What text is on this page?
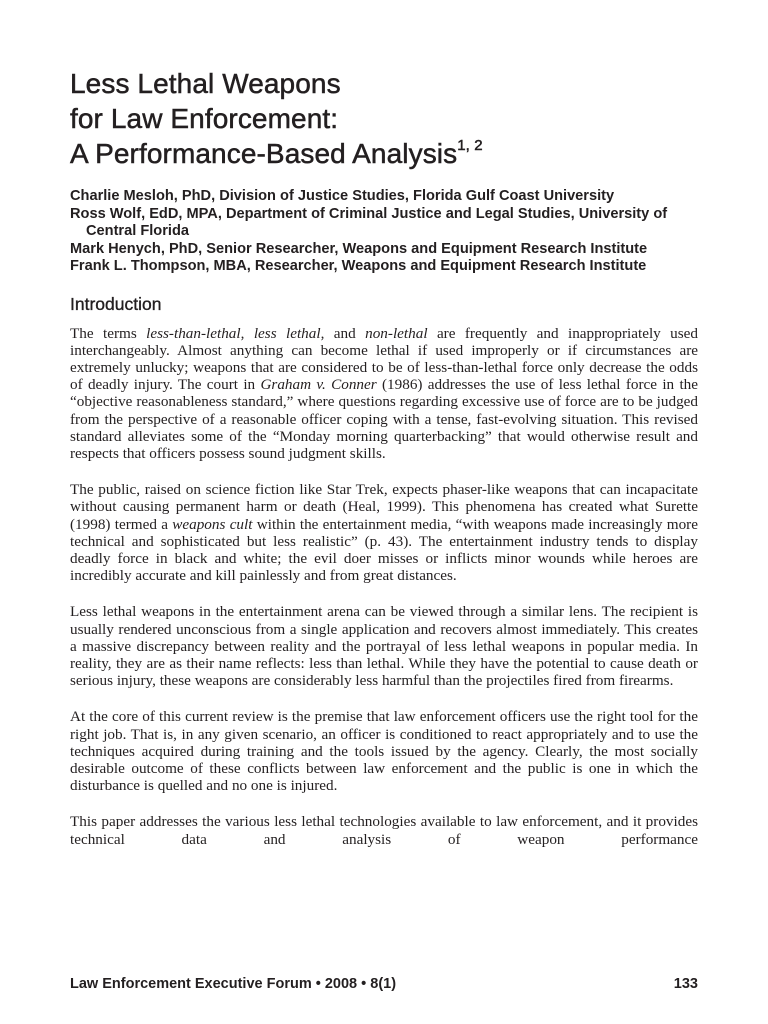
Less Lethal Weapons
for Law Enforcement:
A Performance-Based Analysis$^{1, 2}$

Charlie Mesloh, PhD, Division of Justice Studies, Florida Gulf Coast University

Ross Wolf, EdD, MPA, Department of Criminal Justice and Legal Studies, University of Central Florida

Mark Henych, PhD, Senior Researcher, Weapons and Equipment Research Institute

Frank L. Thompson, MBA, Researcher, Weapons and Equipment Research Institute

Introduction

The terms less-than-lethal, less lethal, and non-lethal are frequently and inappropriately used interchangeably. Almost anything can become lethal if used improperly or if circumstances are extremely unlucky; weapons that are considered to be of less-than-lethal force only decrease the odds of deadly injury. The court in Graham v. Conner (1986) addresses the use of less lethal force in the “objective reasonableness standard,” where questions regarding excessive use of force are to be judged from the perspective of a reasonable officer coping with a tense, fast-evolving situation. This revised standard alleviates some of the “Monday morning quarterbacking” that would otherwise result and respects that officers possess sound judgment skills.

The public, raised on science fiction like Star Trek, expects phaser-like weapons that can incapacitate without causing permanent harm or death (Heal, 1999). This phenomena has created what Surette (1998) termed a weapons cult within the entertainment media, “with weapons made increasingly more technical and sophisticated but less realistic” (p. 43). The entertainment industry tends to display deadly force in black and white; the evil doer misses or inflicts minor wounds while heroes are incredibly accurate and kill painlessly and from great distances.

Less lethal weapons in the entertainment arena can be viewed through a similar lens. The recipient is usually rendered unconscious from a single application and recovers almost immediately. This creates a massive discrepancy between reality and the portrayal of less lethal weapons in popular media. In reality, they are as their name reflects: less than lethal. While they have the potential to cause death or serious injury, these weapons are considerably less harmful than the projectiles fired from firearms.

At the core of this current review is the premise that law enforcement officers use the right tool for the right job. That is, in any given scenario, an officer is conditioned to react appropriately and to use the techniques acquired during training and the tools issued by the agency. Clearly, the most socially desirable outcome of these conflicts between law enforcement and the public is one in which the disturbance is quelled and no one is injured.

This paper addresses the various less lethal technologies available to law enforcement, and it provides technical data and analysis of weapon performance

Law Enforcement Executive Forum • 2008 • 8(1)	133
